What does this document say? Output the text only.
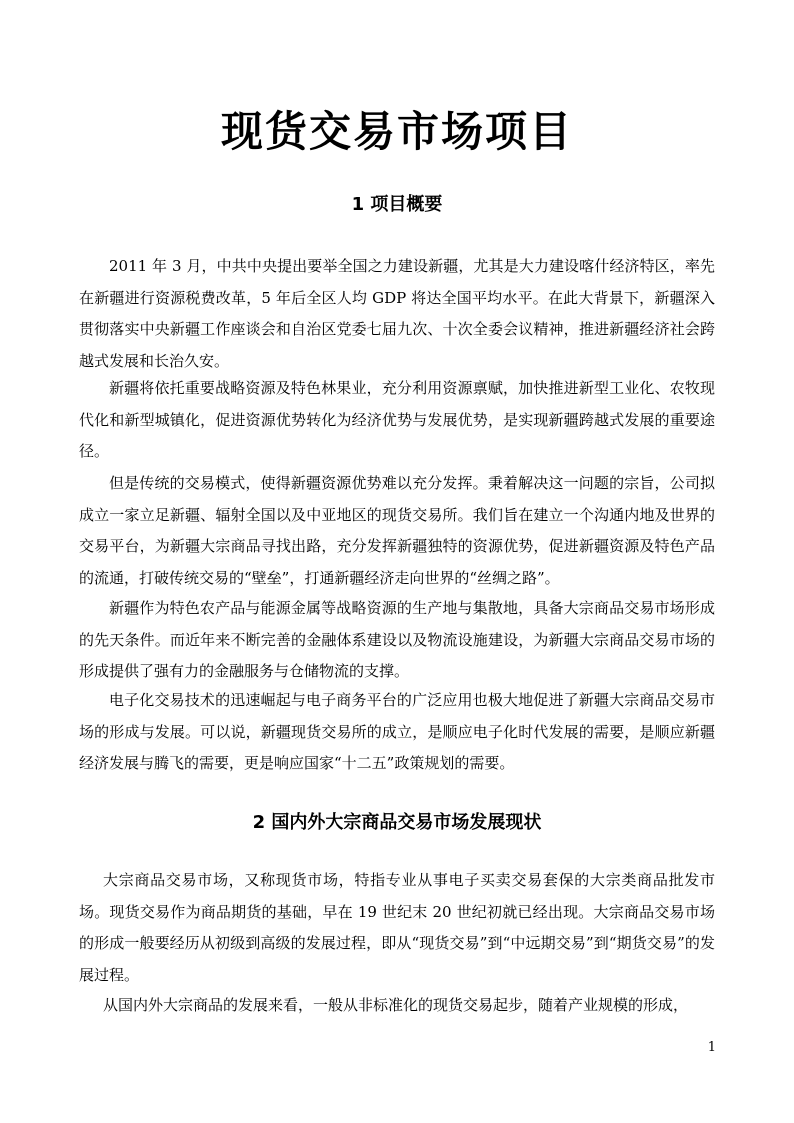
现货交易市场项目
1 项目概要

2011 年 3 月，中共中央提出要举全国之力建设新疆，尤其是大力建设喀什经济特区，率先在新疆进行资源税费改革，5 年后全区人均 GDP 将达全国平均水平。在此大背景下，新疆深入贯彻落实中央新疆工作座谈会和自治区党委七届九次、十次全委会议精神，推进新疆经济社会跨越式发展和长治久安。

新疆将依托重要战略资源及特色林果业，充分利用资源禀赋，加快推进新型工业化、农牧现代化和新型城镇化，促进资源优势转化为经济优势与发展优势，是实现新疆跨越式发展的重要途径。

但是传统的交易模式，使得新疆资源优势难以充分发挥。秉着解决这一问题的宗旨，公司拟成立一家立足新疆、辐射全国以及中亚地区的现货交易所。我们旨在建立一个沟通内地及世界的交易平台，为新疆大宗商品寻找出路，充分发挥新疆独特的资源优势，促进新疆资源及特色产品的流通，打破传统交易的“壁垒”，打通新疆经济走向世界的“丝绸之路”。

新疆作为特色农产品与能源金属等战略资源的生产地与集散地，具备大宗商品交易市场形成的先天条件。而近年来不断完善的金融体系建设以及物流设施建设，为新疆大宗商品交易市场的形成提供了强有力的金融服务与仓储物流的支撑。

电子化交易技术的迅速崛起与电子商务平台的广泛应用也极大地促进了新疆大宗商品交易市场的形成与发展。可以说，新疆现货交易所的成立，是顺应电子化时代发展的需要，是顺应新疆经济发展与腾飞的需要，更是响应国家“十二五”政策规划的需要。

2 国内外大宗商品交易市场发展现状

大宗商品交易市场，又称现货市场，特指专业从事电子买卖交易套保的大宗类商品批发市场。现货交易作为商品期货的基础，早在 19 世纪末 20 世纪初就已经出现。大宗商品交易市场的形成一般要经历从初级到高级的发展过程，即从“现货交易”到“中远期交易”到“期货交易”的发展过程。

从国内外大宗商品的发展来看，一般从非标准化的现货交易起步，随着产业规模的形成，

1
